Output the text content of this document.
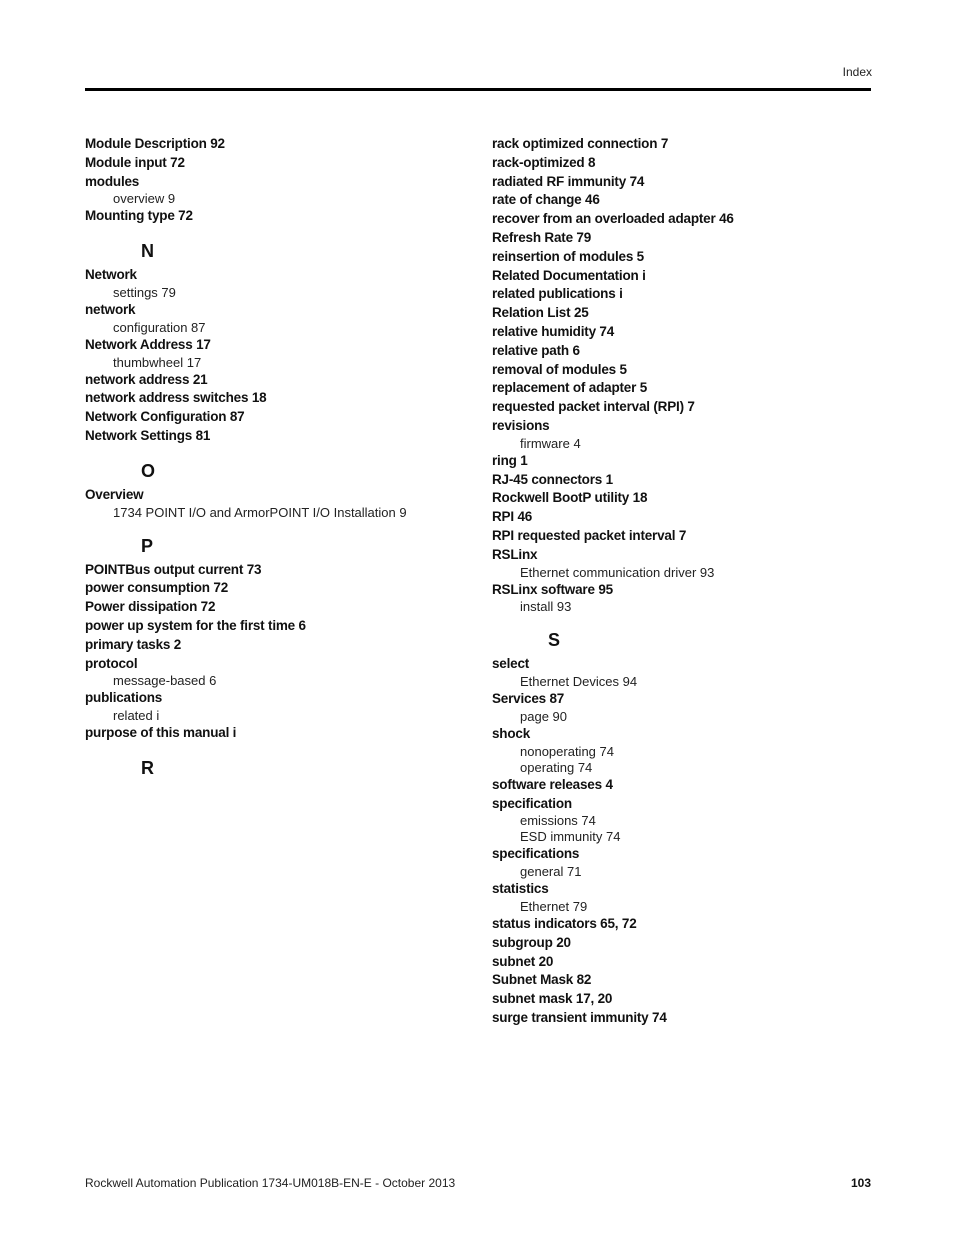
Index
Module Description 92
Module input 72
modules
overview 9
Mounting type 72
N
Network
settings 79
network
configuration 87
Network Address 17
thumbwheel 17
network address 21
network address switches 18
Network Configuration 87
Network Settings 81
O
Overview
1734 POINT I/O and ArmorPOINT I/O Installation 9
P
POINTBus output current 73
power consumption 72
Power dissipation 72
power up system for the first time 6
primary tasks 2
protocol
message-based 6
publications
related i
purpose of this manual i
R
rack optimized connection 7
rack-optimized 8
radiated RF immunity 74
rate of change 46
recover from an overloaded adapter 46
Refresh Rate 79
reinsertion of modules 5
Related Documentation i
related publications i
Relation List 25
relative humidity 74
relative path 6
removal of modules 5
replacement of adapter 5
requested packet interval (RPI) 7
revisions
firmware 4
ring 1
RJ-45 connectors 1
Rockwell BootP utility 18
RPI 46
RPI requested packet interval 7
RSLinx
Ethernet communication driver 93
RSLinx software 95
install 93
S
select
Ethernet Devices 94
Services 87
page 90
shock
nonoperating 74
operating 74
software releases 4
specification
emissions 74
ESD immunity 74
specifications
general 71
statistics
Ethernet 79
status indicators 65, 72
subgroup 20
subnet 20
Subnet Mask 82
subnet mask 17, 20
surge transient immunity 74
Rockwell Automation Publication 1734-UM018B-EN-E - October 2013	103
